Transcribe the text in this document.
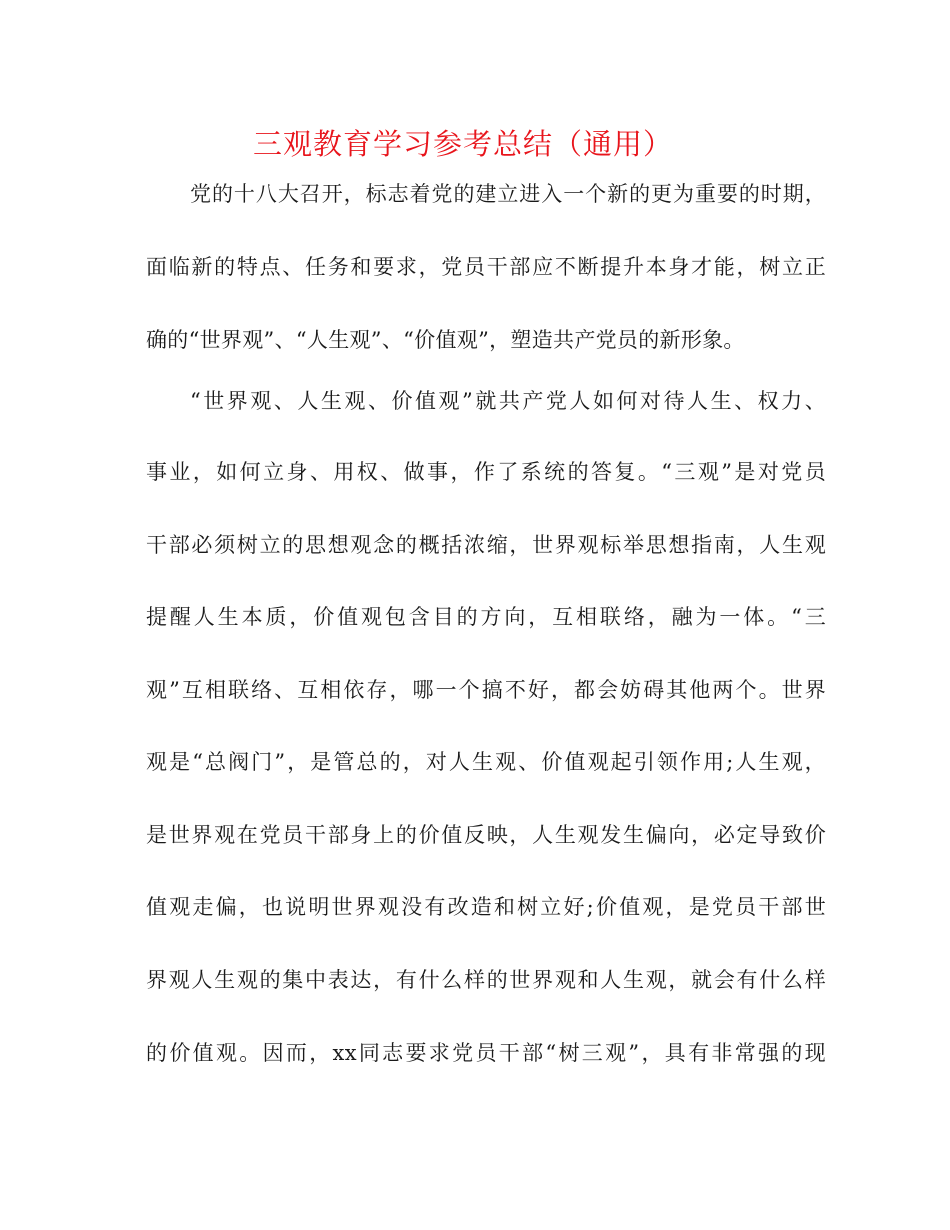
三观教育学习参考总结（通用）
党的十八大召开，标志着党的建立进入一个新的更为重要的时期，
面临新的特点、任务和要求，党员干部应不断提升本身才能，树立正
确的“世界观”、“人生观”、“价值观”，塑造共产党员的新形象。
“世界观、人生观、价值观”就共产党人如何对待人生、权力、
事业，如何立身、用权、做事，作了系统的答复。“三观”是对党员
干部必须树立的思想观念的概括浓缩，世界观标举思想指南，人生观
提醒人生本质，价值观包含目的方向，互相联络，融为一体。“三
观”互相联络、互相依存，哪一个搞不好，都会妨碍其他两个。世界
观是“总阀门”，是管总的，对人生观、价值观起引领作用;人生观，
是世界观在党员干部身上的价值反映，人生观发生偏向，必定导致价
值观走偏，也说明世界观没有改造和树立好;价值观，是党员干部世
界观人生观的集中表达，有什么样的世界观和人生观，就会有什么样
的价值观。因而，xx同志要求党员干部“树三观”，具有非常强的现
